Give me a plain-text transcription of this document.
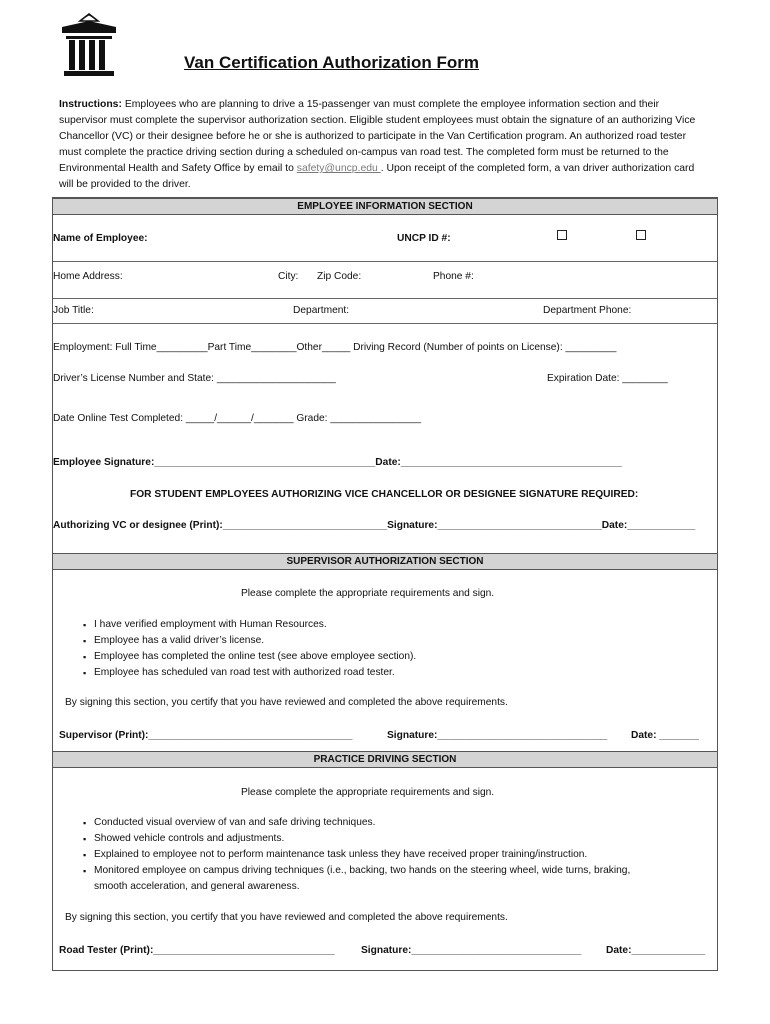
Van Certification Authorization Form
Instructions: Employees who are planning to drive a 15-passenger van must complete the employee information section and their supervisor must complete the supervisor authorization section. Eligible student employees must obtain the signature of an authorizing Vice Chancellor (VC) or their designee before he or she is authorized to participate in the Van Certification program. An authorized road tester must complete the practice driving section during a scheduled on-campus van road test. The completed form must be returned to the Environmental Health and Safety Office by email to safety@uncp.edu . Upon receipt of the completed form, a van driver authorization card will be provided to the driver.
EMPLOYEE INFORMATION SECTION
Name of Employee:	UNCP ID #:
Home Address:	City: Zip Code:	Phone #:
Job Title:	Department:	Department Phone:
Employment: Full Time_________Part Time________Other_____ Driving Record (Number of points on License): _________
Driver’s License Number and State: _____________________	Expiration Date: ________
Date Online Test Completed: _____/______/_______ Grade: ________________
Employee Signature:_______________________________________Date:_______________________________________
FOR STUDENT EMPLOYEES AUTHORIZING VICE CHANCELLOR OR DESIGNEE SIGNATURE REQUIRED:
Authorizing VC or designee (Print):_____________________________Signature:_____________________________Date:____________
SUPERVISOR AUTHORIZATION SECTION
Please complete the appropriate requirements and sign.
▪ I have verified employment with Human Resources.
▪ Employee has a valid driver’s license.
▪ Employee has completed the online test (see above employee section).
▪ Employee has scheduled van road test with authorized road tester.
By signing this section, you certify that you have reviewed and completed the above requirements.
Supervisor (Print):____________________________________	Signature:______________________________ Date: _______
PRACTICE DRIVING SECTION
Please complete the appropriate requirements and sign.
▪ Conducted visual overview of van and safe driving techniques.
▪ Showed vehicle controls and adjustments.
▪ Explained to employee not to perform maintenance task unless they have received proper training/instruction.
▪ Monitored employee on campus driving techniques (i.e., backing, two hands on the steering wheel, wide turns, braking, smooth acceleration, and general awareness.
By signing this section, you certify that you have reviewed and completed the above requirements.
Road Tester (Print):________________________________	Signature:______________________________ Date:_____________
